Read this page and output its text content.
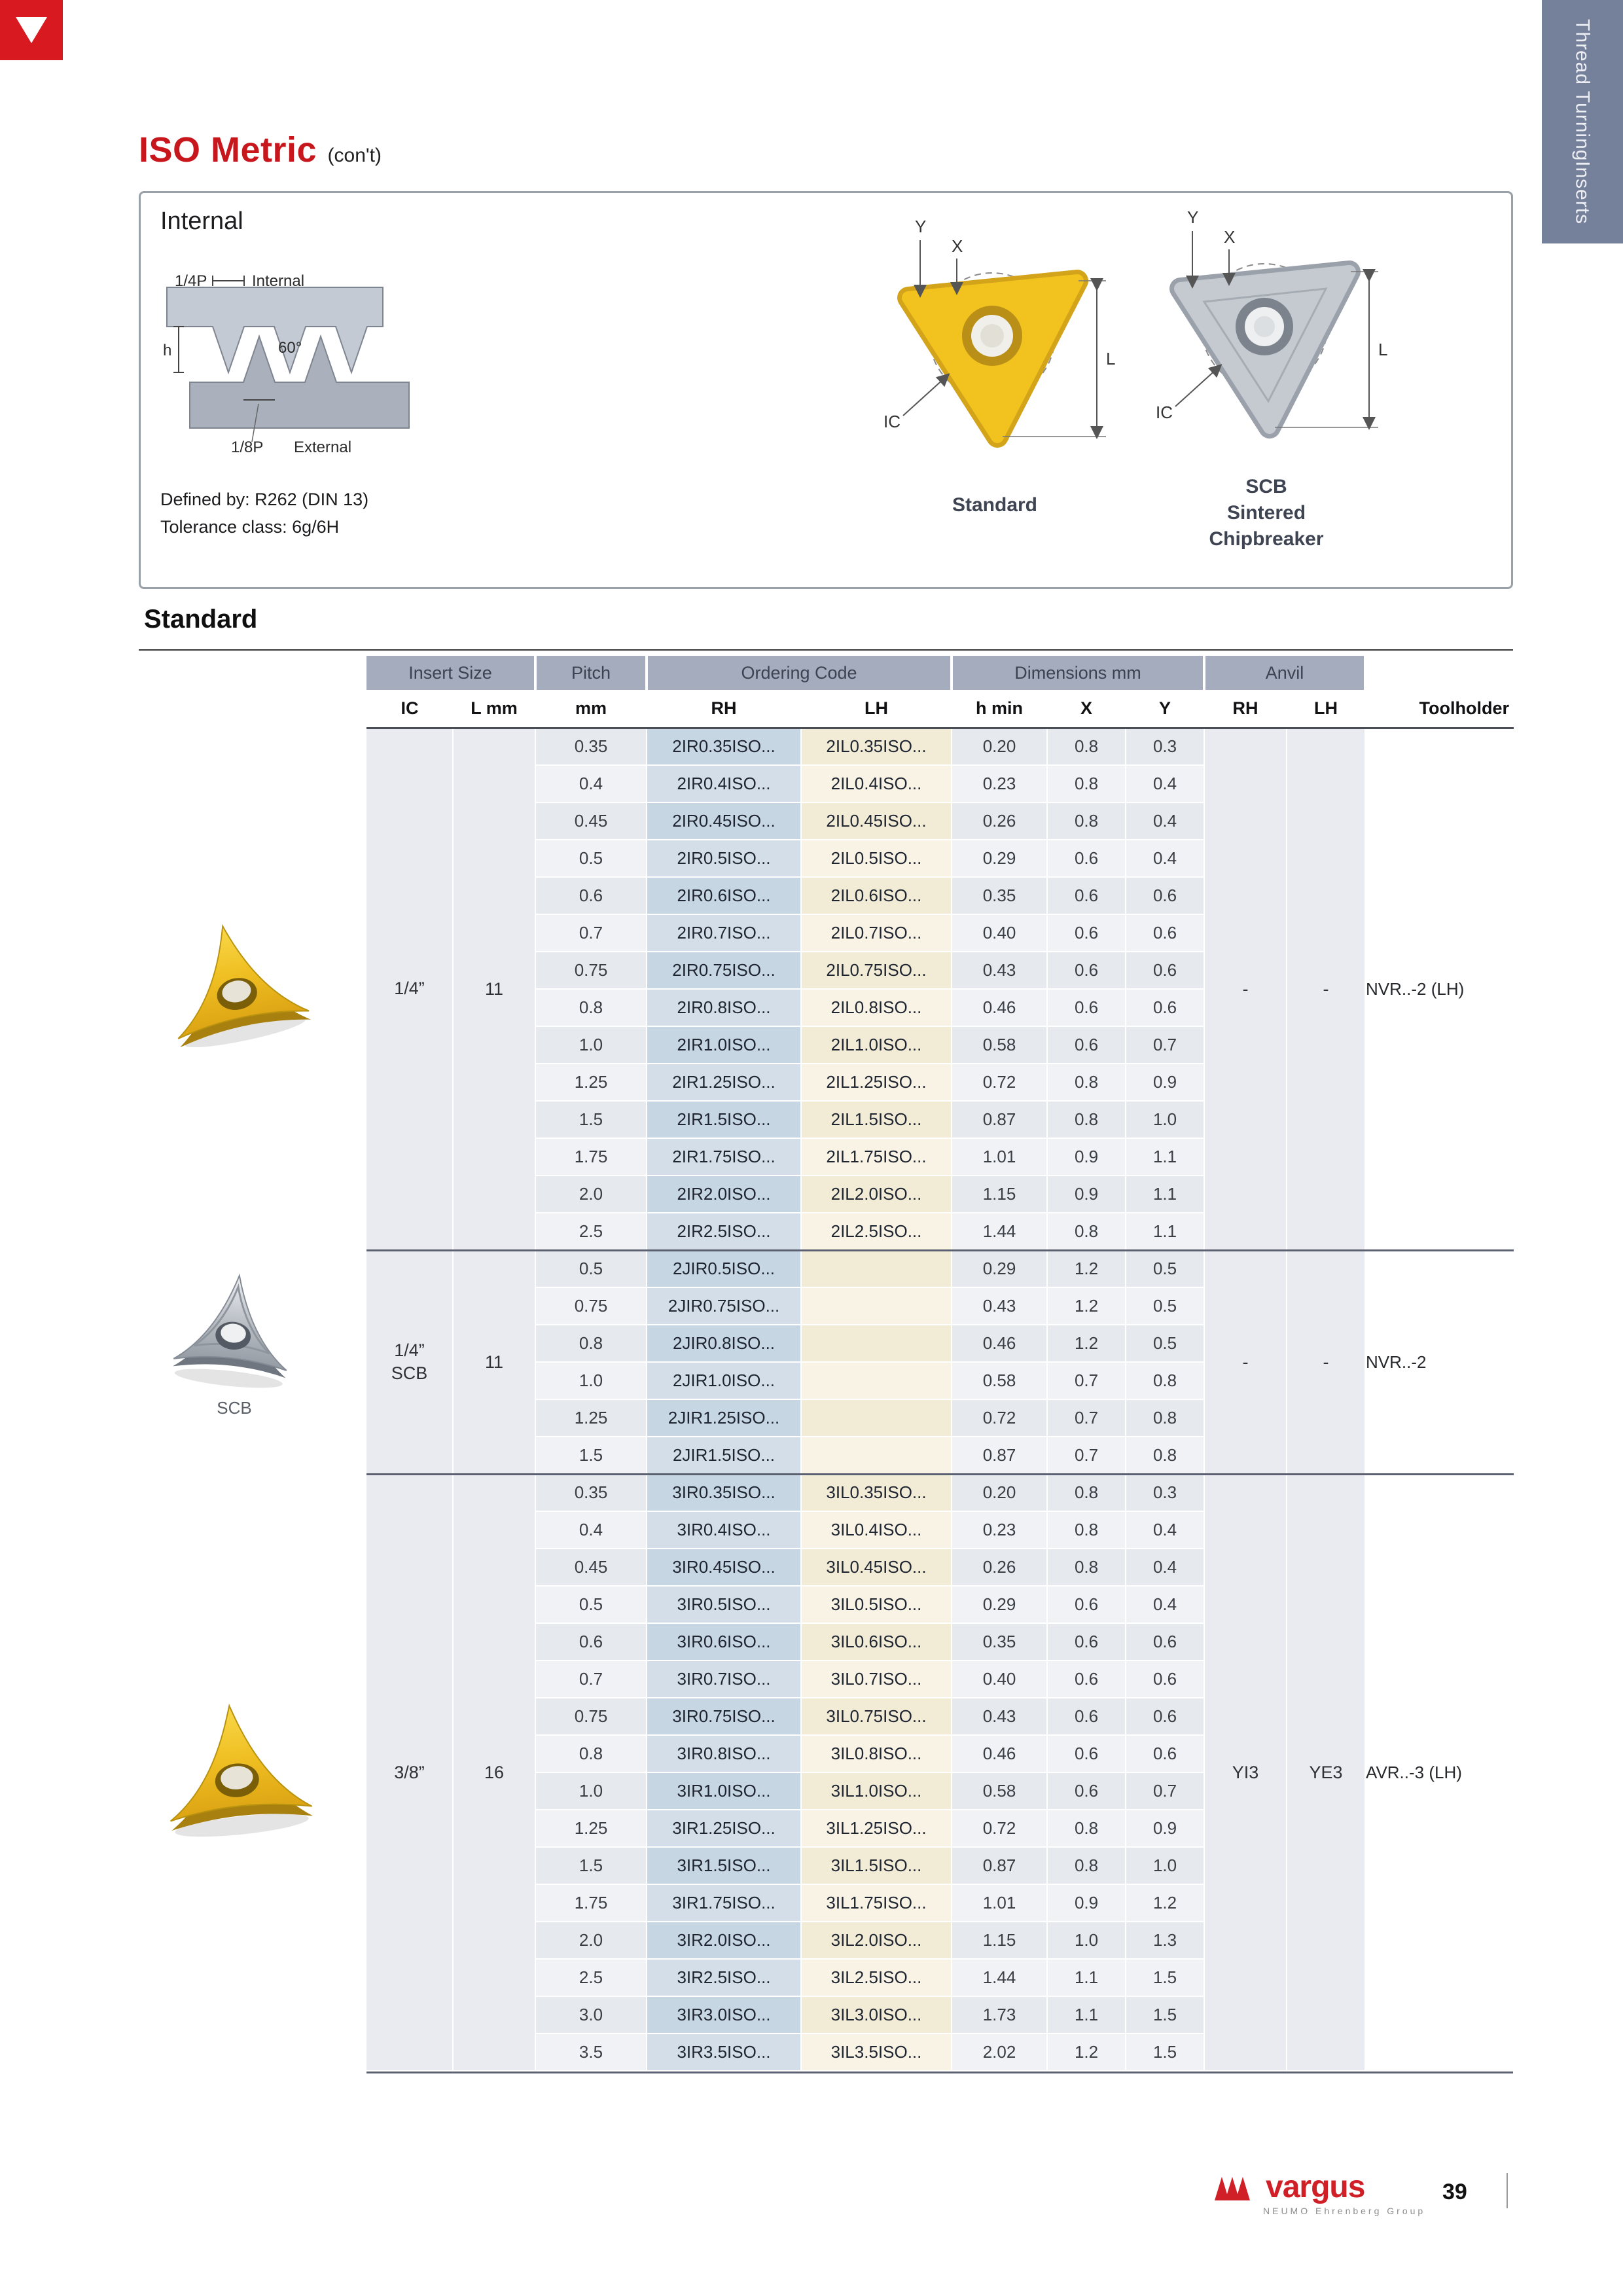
Thread Turning
Inserts
ISO Metric (con't)
Internal
1/4P	Internal
60°
h
1/8P External
Defined by: R262 (DIN 13)
Tolerance class: 6g/6H
L
Y
X
IC
Standard
L
Y
X
IC
SCB
Sintered
Chipbreaker
Standard
SCB
Insert Size		Pitch	Ordering Code		Dimensions mm			Anvil		
IC	L mm	mm	RH	LH	h min	X	Y	RH	LH	Toolholder

1/4”	11	0.35	2IR0.35ISO...	2IL0.35ISO...	0.20	0.8	0.3	-	-	NVR..-2 (LH)
		0.4	2IR0.4ISO...	2IL0.4ISO...	0.23	0.8	0.4			
		0.45	2IR0.45ISO...	2IL0.45ISO...	0.26	0.8	0.4			
		0.5	2IR0.5ISO...	2IL0.5ISO...	0.29	0.6	0.4			
		0.6	2IR0.6ISO...	2IL0.6ISO...	0.35	0.6	0.6			
		0.7	2IR0.7ISO...	2IL0.7ISO...	0.40	0.6	0.6			
		0.75	2IR0.75ISO...	2IL0.75ISO...	0.43	0.6	0.6			
		0.8	2IR0.8ISO...	2IL0.8ISO...	0.46	0.6	0.6			
		1.0	2IR1.0ISO...	2IL1.0ISO...	0.58	0.6	0.7			
		1.25	2IR1.25ISO...	2IL1.25ISO...	0.72	0.8	0.9			
		1.5	2IR1.5ISO...	2IL1.5ISO...	0.87	0.8	1.0			
		1.75	2IR1.75ISO...	2IL1.75ISO...	1.01	0.9	1.1			
		2.0	2IR2.0ISO...	2IL2.0ISO...	1.15	0.9	1.1			
		2.5	2IR2.5ISO...	2IL2.5ISO...	1.44	0.8	1.1			

1/4”
SCB	11	0.5	2JIR0.5ISO...		0.29	1.2	0.5	-	-	NVR..-2
		0.75	2JIR0.75ISO...		0.43	1.2	0.5			
		0.8	2JIR0.8ISO...		0.46	1.2	0.5			
		1.0	2JIR1.0ISO...		0.58	0.7	0.8			
		1.25	2JIR1.25ISO...		0.72	0.7	0.8			
		1.5	2JIR1.5ISO...		0.87	0.7	0.8			

3/8”	16	0.35	3IR0.35ISO...	3IL0.35ISO...	0.20	0.8	0.3	YI3	YE3	AVR..-3 (LH)
		0.4	3IR0.4ISO...	3IL0.4ISO...	0.23	0.8	0.4			
		0.45	3IR0.45ISO...	3IL0.45ISO...	0.26	0.8	0.4			
		0.5	3IR0.5ISO...	3IL0.5ISO...	0.29	0.6	0.4			
		0.6	3IR0.6ISO...	3IL0.6ISO...	0.35	0.6	0.6			
		0.7	3IR0.7ISO...	3IL0.7ISO...	0.40	0.6	0.6			
		0.75	3IR0.75ISO...	3IL0.75ISO...	0.43	0.6	0.6			
		0.8	3IR0.8ISO...	3IL0.8ISO...	0.46	0.6	0.6			
		1.0	3IR1.0ISO...	3IL1.0ISO...	0.58	0.6	0.7			
		1.25	3IR1.25ISO...	3IL1.25ISO...	0.72	0.8	0.9			
		1.5	3IR1.5ISO...	3IL1.5ISO...	0.87	0.8	1.0			
		1.75	3IR1.75ISO...	3IL1.75ISO...	1.01	0.9	1.2			
		2.0	3IR2.0ISO...	3IL2.0ISO...	1.15	1.0	1.3			
		2.5	3IR2.5ISO...	3IL2.5ISO...	1.44	1.1	1.5			
		3.0	3IR3.0ISO...	3IL3.0ISO...	1.73	1.1	1.5			
		3.5	3IR3.5ISO...	3IL3.5ISO...	2.02	1.2	1.5			
vargus
NEUMO Ehrenberg Group
39
